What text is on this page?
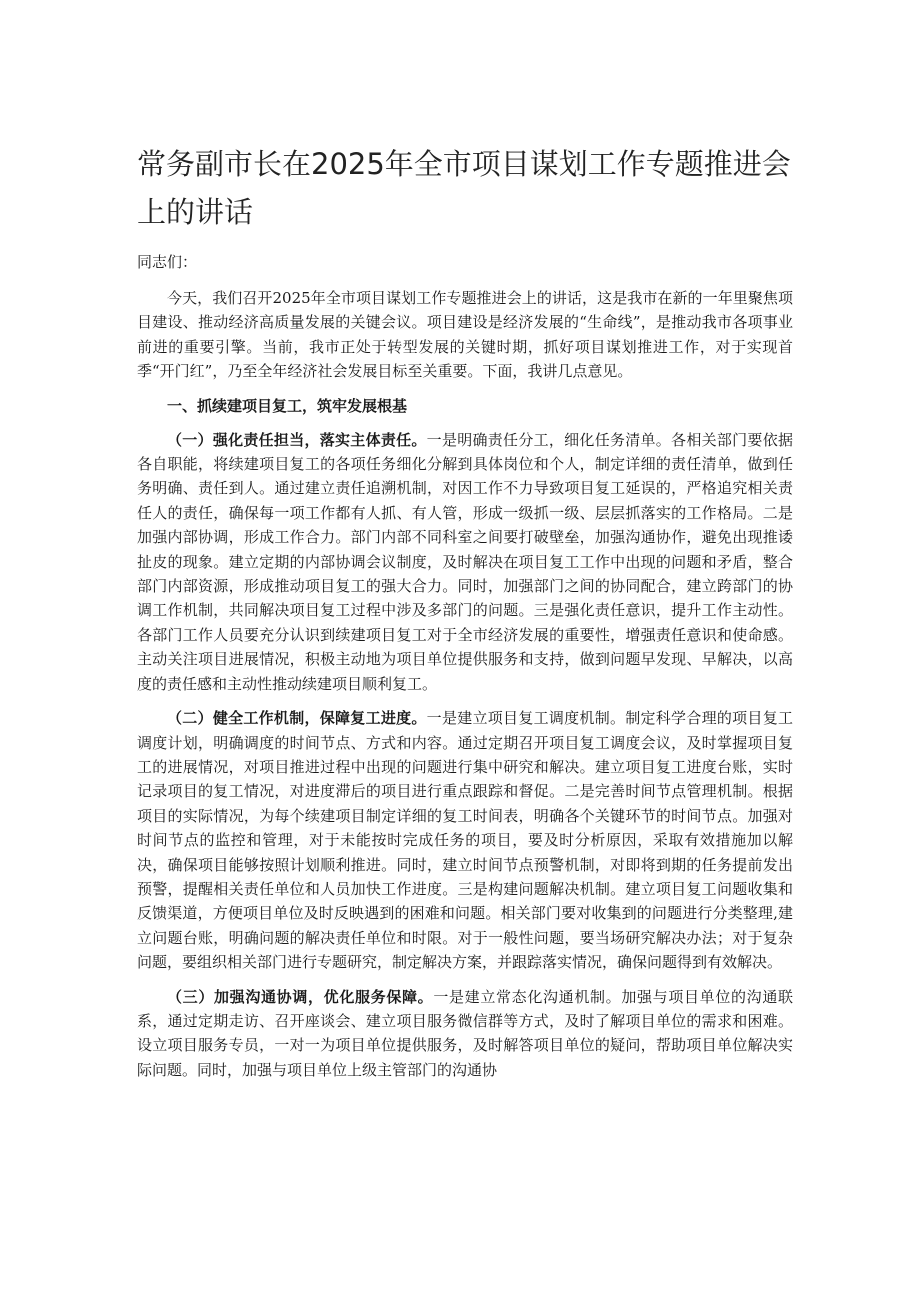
常务副市长在2025年全市项目谋划工作专题推进会上的讲话

同志们：

今天，我们召开2025年全市项目谋划工作专题推进会上的讲话，这是我市在新的一年里聚焦项目建设、推动经济高质量发展的关键会议。项目建设是经济发展的“生命线”，是推动我市各项事业前进的重要引擎。当前，我市正处于转型发展的关键时期，抓好项目谋划推进工作，对于实现首季“开门红”，乃至全年经济社会发展目标至关重要。下面，我讲几点意见。

一、抓续建项目复工，筑牢发展根基

（一）强化责任担当，落实主体责任。一是明确责任分工，细化任务清单。各相关部门要依据各自职能，将续建项目复工的各项任务细化分解到具体岗位和个人，制定详细的责任清单，做到任务明确、责任到人。通过建立责任追溯机制，对因工作不力导致项目复工延误的，严格追究相关责任人的责任，确保每一项工作都有人抓、有人管，形成一级抓一级、层层抓落实的工作格局。二是加强内部协调，形成工作合力。部门内部不同科室之间要打破壁垒，加强沟通协作，避免出现推诿扯皮的现象。建立定期的内部协调会议制度，及时解决在项目复工工作中出现的问题和矛盾，整合部门内部资源，形成推动项目复工的强大合力。同时，加强部门之间的协同配合，建立跨部门的协调工作机制，共同解决项目复工过程中涉及多部门的问题。三是强化责任意识，提升工作主动性。各部门工作人员要充分认识到续建项目复工对于全市经济发展的重要性，增强责任意识和使命感。主动关注项目进展情况，积极主动地为项目单位提供服务和支持，做到问题早发现、早解决，以高度的责任感和主动性推动续建项目顺利复工。

（二）健全工作机制，保障复工进度。一是建立项目复工调度机制。制定科学合理的项目复工调度计划，明确调度的时间节点、方式和内容。通过定期召开项目复工调度会议，及时掌握项目复工的进展情况，对项目推进过程中出现的问题进行集中研究和解决。建立项目复工进度台账，实时记录项目的复工情况，对进度滞后的项目进行重点跟踪和督促。二是完善时间节点管理机制。根据项目的实际情况，为每个续建项目制定详细的复工时间表，明确各个关键环节的时间节点。加强对时间节点的监控和管理，对于未能按时完成任务的项目，要及时分析原因，采取有效措施加以解决，确保项目能够按照计划顺利推进。同时，建立时间节点预警机制，对即将到期的任务提前发出预警，提醒相关责任单位和人员加快工作进度。三是构建问题解决机制。建立项目复工问题收集和反馈渠道，方便项目单位及时反映遇到的困难和问题。相关部门要对收集到的问题进行分类整理,建立问题台账，明确问题的解决责任单位和时限。对于一般性问题，要当场研究解决办法；对于复杂问题，要组织相关部门进行专题研究，制定解决方案，并跟踪落实情况，确保问题得到有效解决。

（三）加强沟通协调，优化服务保障。一是建立常态化沟通机制。加强与项目单位的沟通联系，通过定期走访、召开座谈会、建立项目服务微信群等方式，及时了解项目单位的需求和困难。设立项目服务专员，一对一为项目单位提供服务，及时解答项目单位的疑问，帮助项目单位解决实际问题。同时，加强与项目单位上级主管部门的沟通协
